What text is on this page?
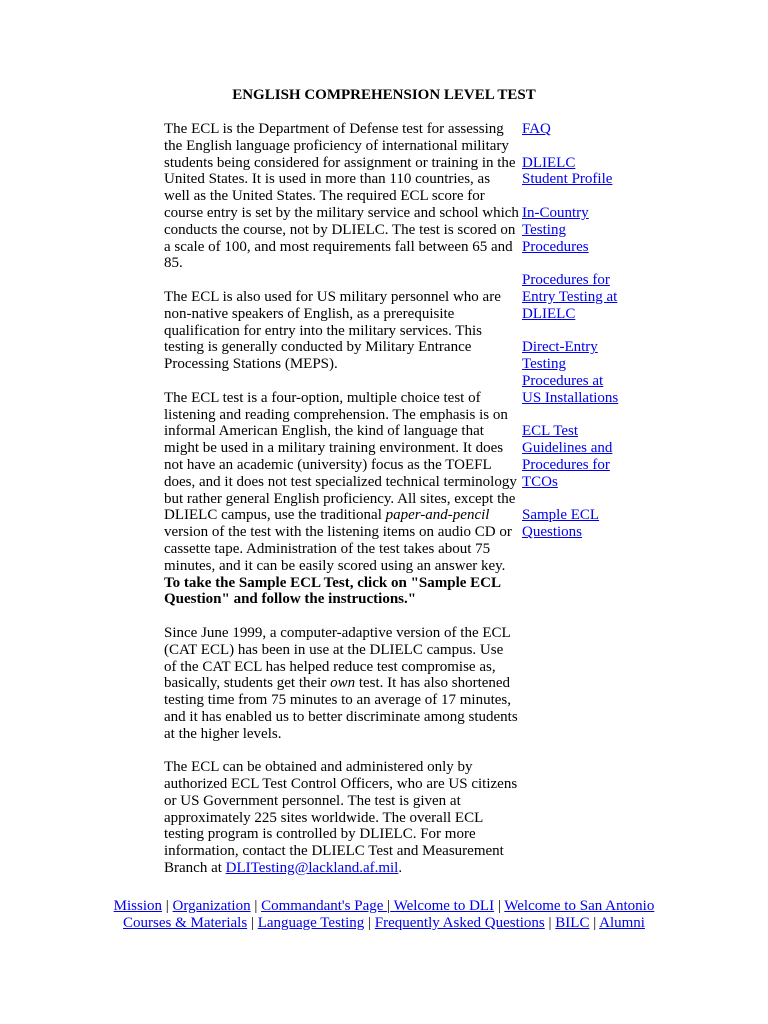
ENGLISH COMPREHENSION LEVEL TEST

The ECL is the Department of Defense test for assessing the English language proficiency of international military students being considered for assignment or training in the United States. It is used in more than 110 countries, as well as the United States. The required ECL score for course entry is set by the military service and school which conducts the course, not by DLIELC. The test is scored on a scale of 100, and most requirements fall between 65 and 85.

The ECL is also used for US military personnel who are non-native speakers of English, as a prerequisite qualification for entry into the military services. This testing is generally conducted by Military Entrance Processing Stations (MEPS).

The ECL test is a four-option, multiple choice test of listening and reading comprehension. The emphasis is on informal American English, the kind of language that might be used in a military training environment. It does not have an academic (university) focus as the TOEFL does, and it does not test specialized technical terminology but rather general English proficiency. All sites, except the DLIELC campus, use the traditional paper-and-pencil version of the test with the listening items on audio CD or cassette tape. Administration of the test takes about 75 minutes, and it can be easily scored using an answer key. To take the Sample ECL Test, click on "Sample ECL Question" and follow the instructions."

Since June 1999, a computer-adaptive version of the ECL (CAT ECL) has been in use at the DLIELC campus. Use of the CAT ECL has helped reduce test compromise as, basically, students get their own test. It has also shortened testing time from 75 minutes to an average of 17 minutes, and it has enabled us to better discriminate among students at the higher levels.

The ECL can be obtained and administered only by authorized ECL Test Control Officers, who are US citizens or US Government personnel. The test is given at approximately 225 sites worldwide. The overall ECL testing program is controlled by DLIELC. For more information, contact the DLIELC Test and Measurement Branch at DLITesting@lackland.af.mil.

FAQ
DLIELC Student Profile
In-Country Testing Procedures
Procedures for Entry Testing at DLIELC
Direct-Entry Testing Procedures at US Installations
ECL Test Guidelines and Procedures for TCOs
Sample ECL Questions
Mission | Organization | Commandant's Page | Welcome to DLI | Welcome to San Antonio
Courses & Materials | Language Testing | Frequently Asked Questions | BILC | Alumni
